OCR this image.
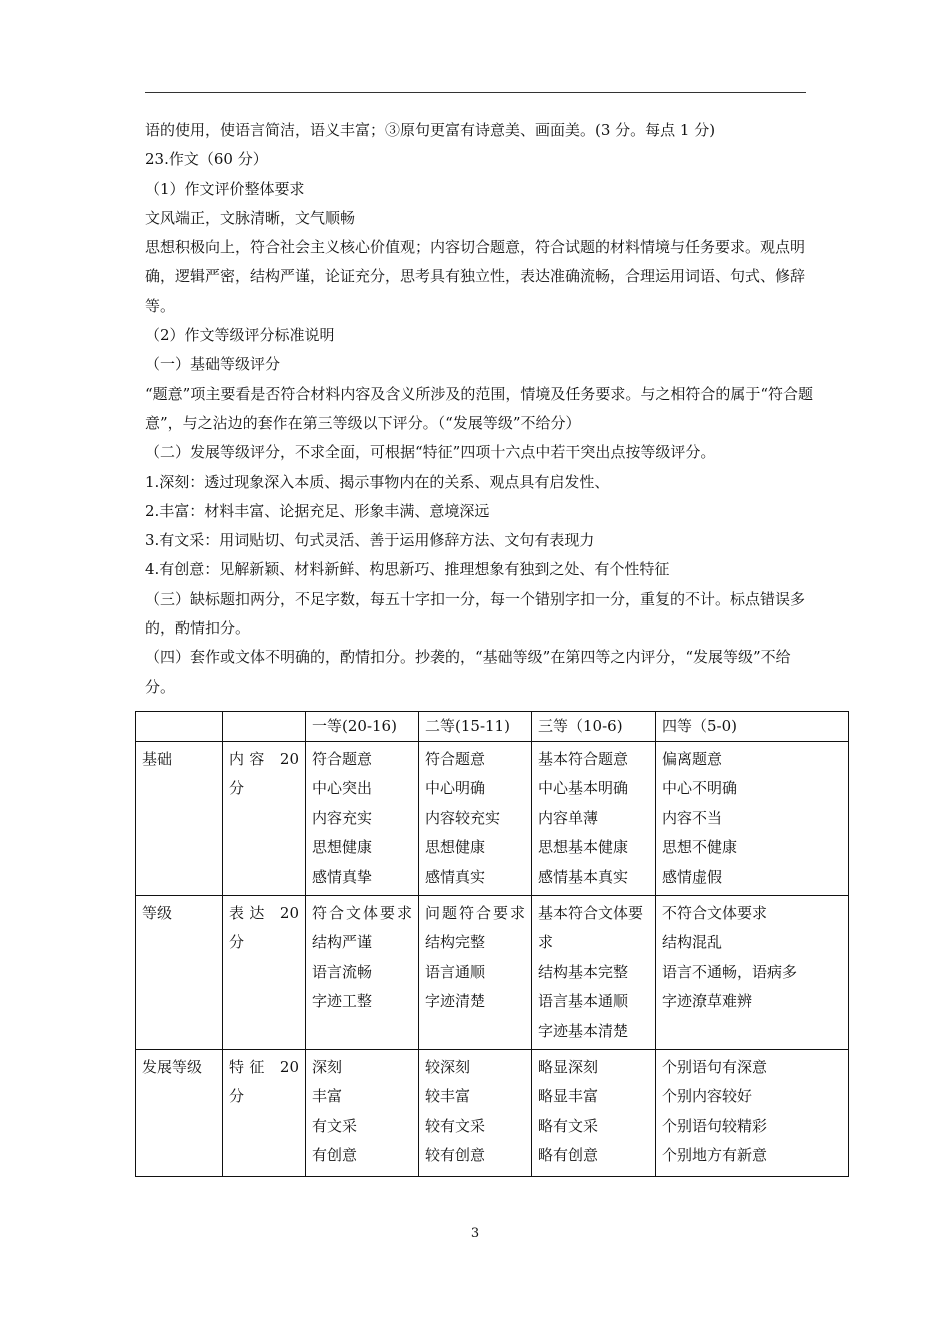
语的使用，使语言简洁，语义丰富；③原句更富有诗意美、画面美。(3 分。每点 1 分)

23.作文（60 分）

（1）作文评价整体要求

文风端正，文脉清晰，文气顺畅

思想积极向上，符合社会主义核心价值观；内容切合题意，符合试题的材料情境与任务要求。观点明确，逻辑严密，结构严谨，论证充分，思考具有独立性，表达准确流畅，合理运用词语、句式、修辞等。

（2）作文等级评分标准说明

（一）基础等级评分

“题意”项主要看是否符合材料内容及含义所涉及的范围，情境及任务要求。与之相符合的属于“符合题意”，与之沾边的套作在第三等级以下评分。（“发展等级”不给分）

（二）发展等级评分，不求全面，可根据“特征”四项十六点中若干突出点按等级评分。

1.深刻：透过现象深入本质、揭示事物内在的关系、观点具有启发性、

2.丰富：材料丰富、论据充足、形象丰满、意境深远

3.有文采：用词贴切、句式灵活、善于运用修辞方法、文句有表现力

4.有创意：见解新颖、材料新鲜、构思新巧、推理想象有独到之处、有个性特征

（三）缺标题扣两分，不足字数，每五十字扣一分，每一个错别字扣一分，重复的不计。标点错误多的，酌情扣分。

（四）套作或文体不明确的，酌情扣分。抄袭的，“基础等级”在第四等之内评分，“发展等级”不给分。

		一等(20-16)	二等(15-11)	三等（10-6)	四等（5-0)
基础	内容 20 分	符合题意
中心突出
内容充实
思想健康
感情真挚	符合题意
中心明确
内容较充实
思想健康
感情真实	基本符合题意
中心基本明确
内容单薄
思想基本健康
感情基本真实	偏离题意
中心不明确
内容不当
思想不健康
感情虚假

等级	表达 20 分	符合文体要求
结构严谨
语言流畅
字迹工整	问题符合要求
结构完整
语言通顺
字迹清楚	基本符合文体要求
结构基本完整
语言基本通顺
字迹基本清楚	不符合文体要求
结构混乱
语言不通畅，语病多
字迹潦草难辨

发展等级	特征 20 分	深刻
丰富
有文采
有创意	较深刻
较丰富
较有文采
较有创意	略显深刻
略显丰富
略有文采
略有创意	个别语句有深意
个别内容较好
个别语句较精彩
个别地方有新意
3
